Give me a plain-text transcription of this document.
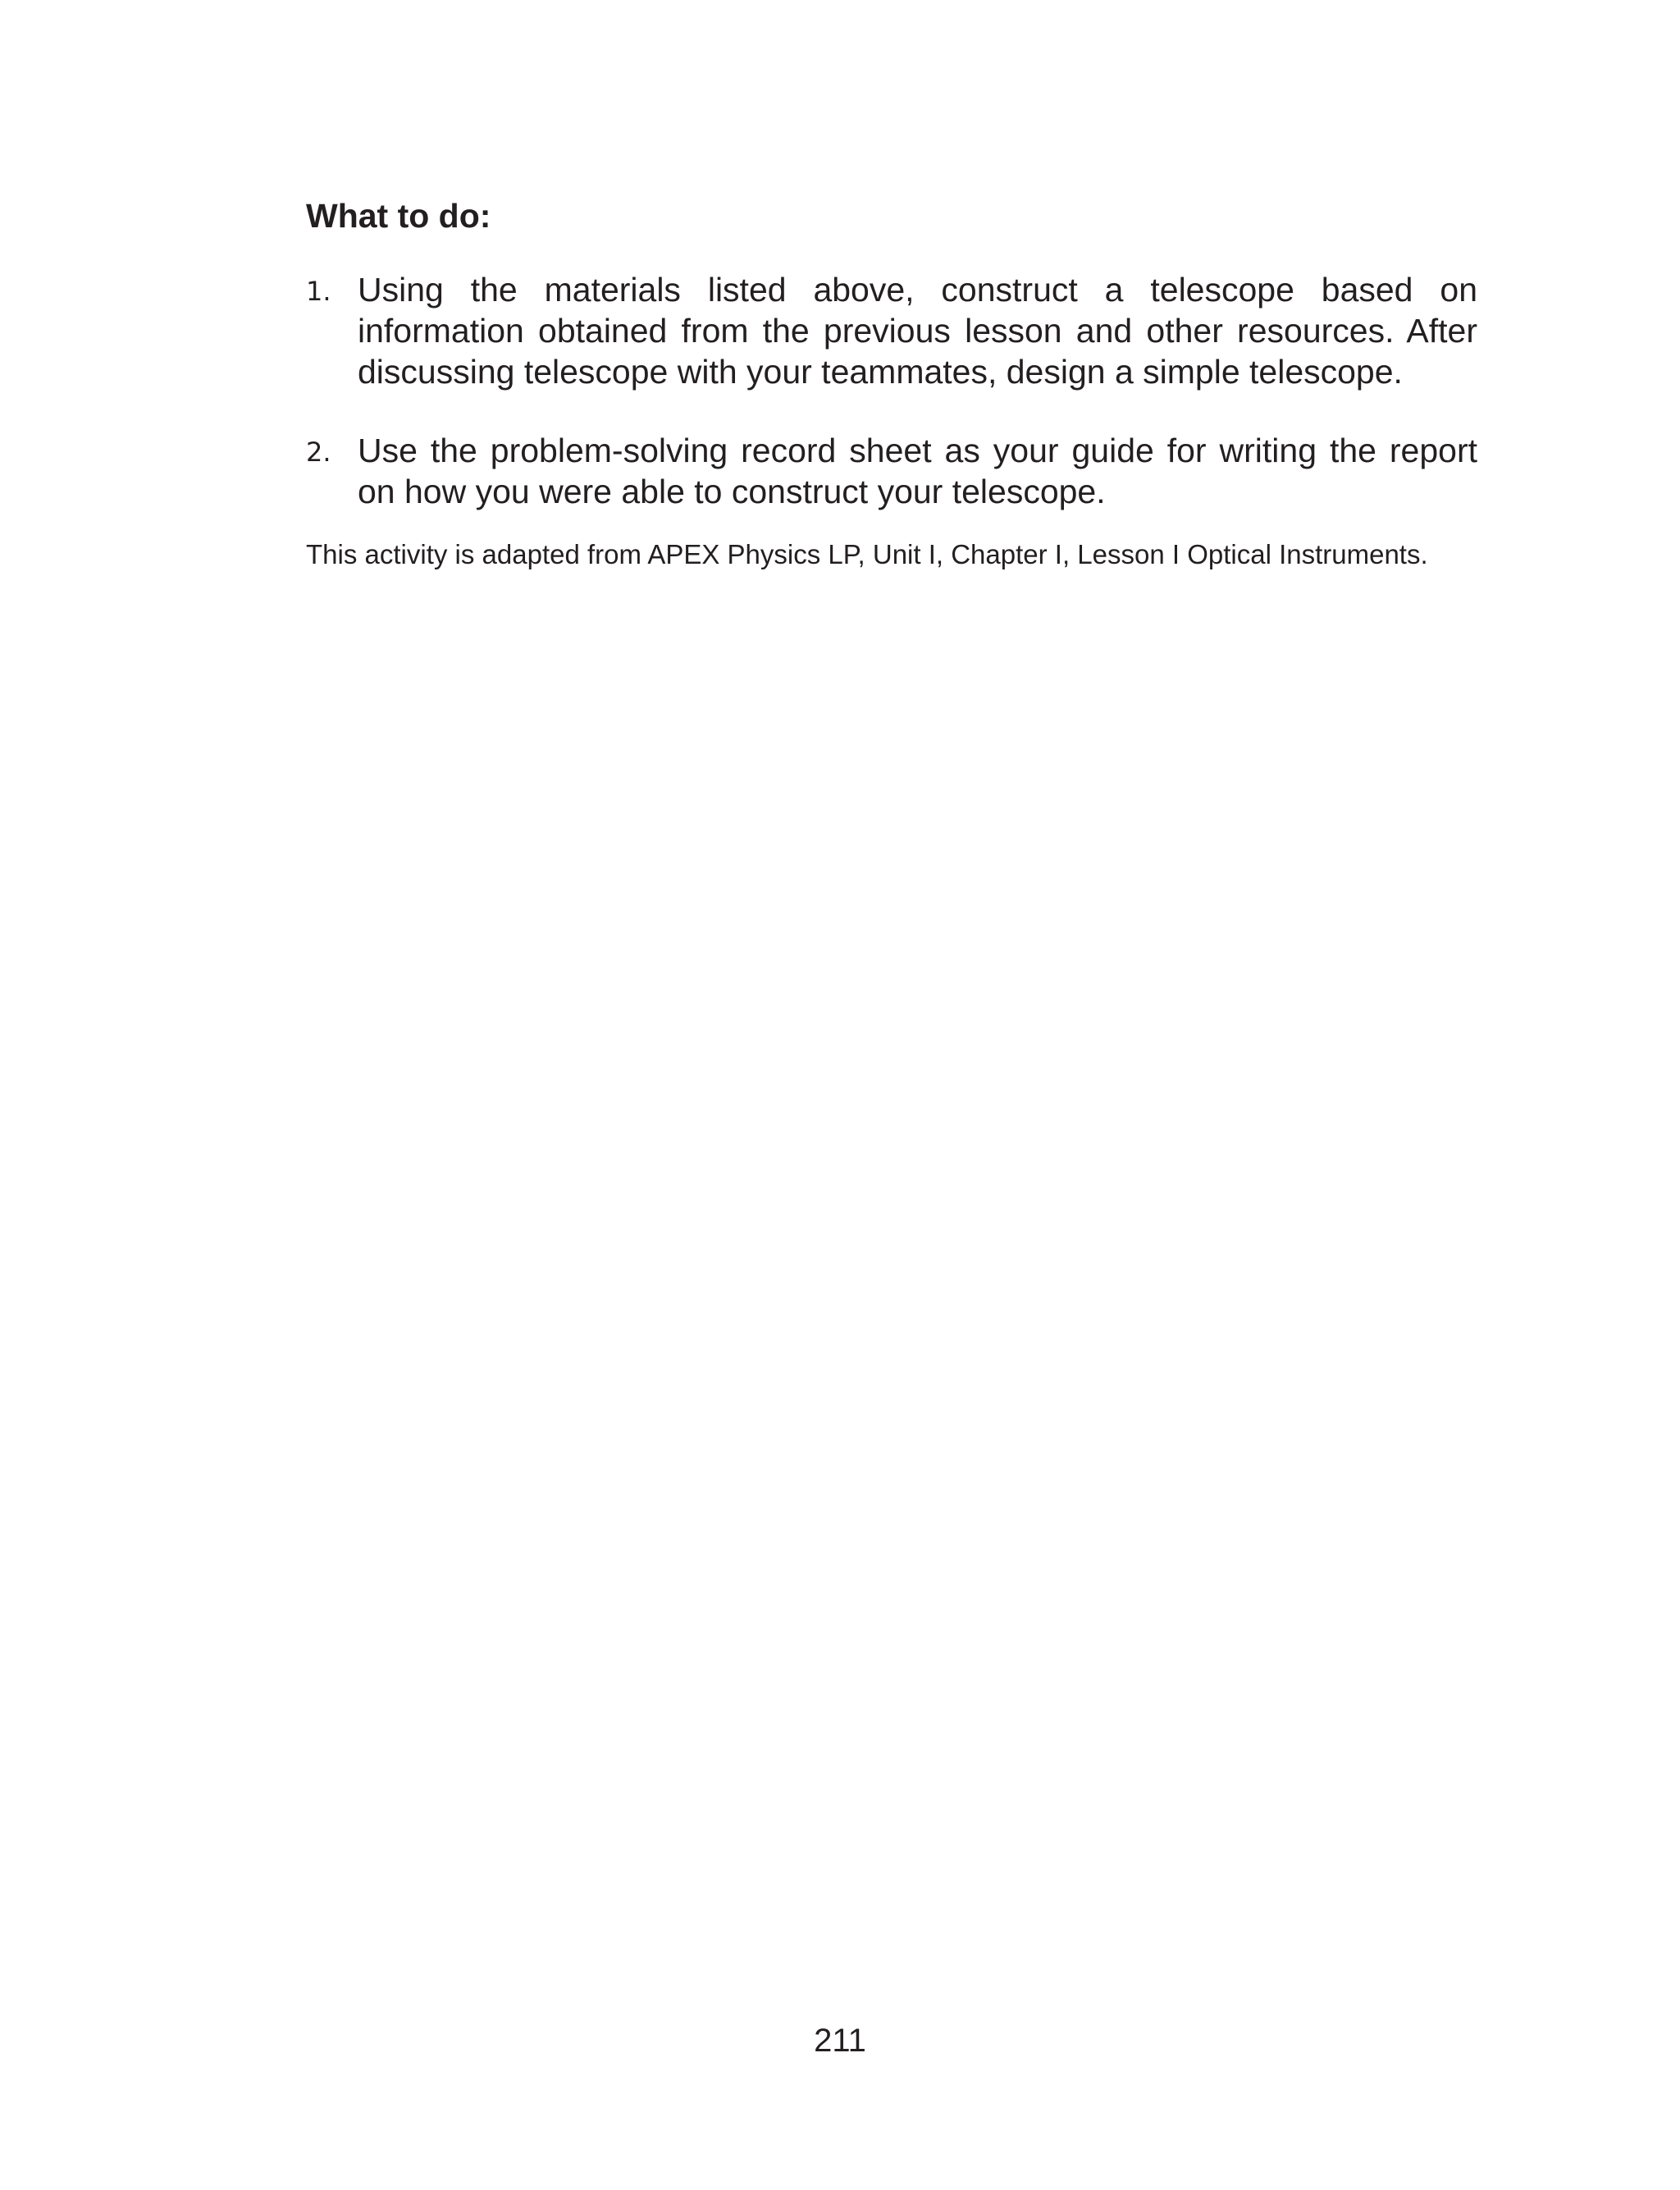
What to do:
1. Using the materials listed above, construct a telescope based on information obtained from the previous lesson and other resources. After discussing telescope with your teammates, design a simple telescope.
2. Use the problem-solving record sheet as your guide for writing the report on how you were able to construct your telescope.
This activity is adapted from APEX Physics LP, Unit I, Chapter I, Lesson I Optical Instruments.
211
